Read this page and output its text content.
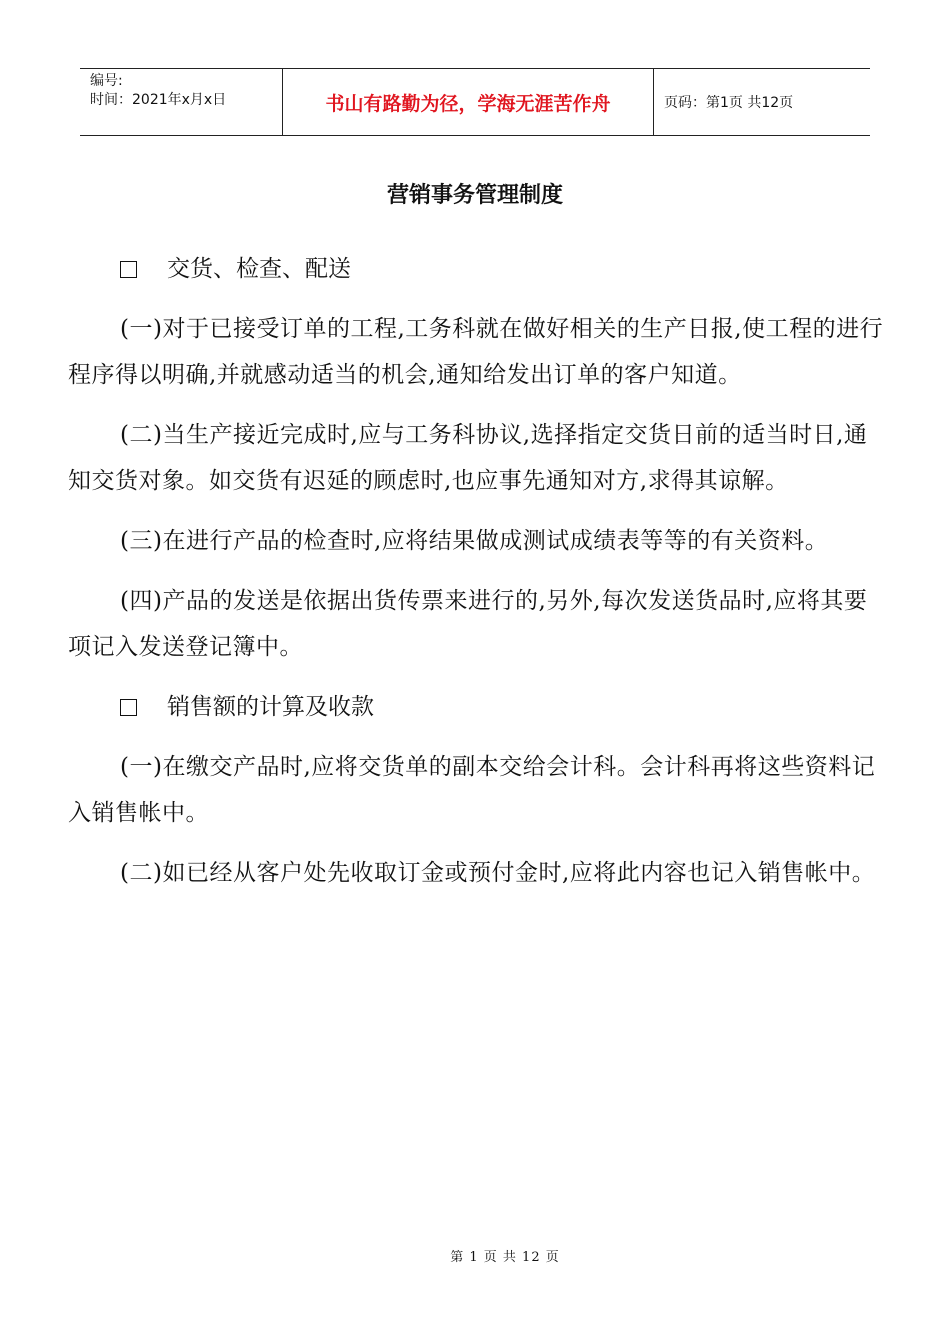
编号:
时间：2021年x月x日	书山有路勤为径，学海无涯苦作舟	页码：第1页 共12页
营销事务管理制度
交货、检查、配送

(一)对于已接受订单的工程,工务科就在做好相关的生产日报,使工程的进行程序得以明确,并就感动适当的机会,通知给发出订单的客户知道。

(二)当生产接近完成时,应与工务科协议,选择指定交货日前的适当时日,通知交货对象。如交货有迟延的顾虑时,也应事先通知对方,求得其谅解。

(三)在进行产品的检查时,应将结果做成测试成绩表等等的有关资料。

(四)产品的发送是依据出货传票来进行的,另外,每次发送货品时,应将其要项记入发送登记簿中。

销售额的计算及收款

(一)在缴交产品时,应将交货单的副本交给会计科。会计科再将这些资料记入销售帐中。

(二)如已经从客户处先收取订金或预付金时,应将此内容也记入销售帐中。

第 1 页 共 12 页
